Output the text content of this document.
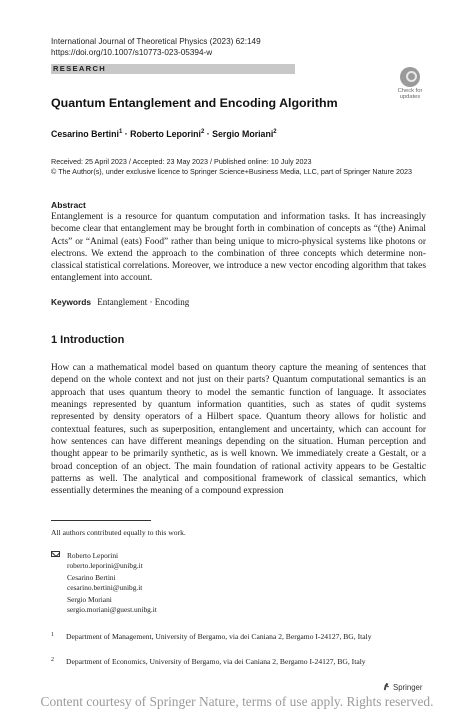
International Journal of Theoretical Physics (2023) 62:149
https://doi.org/10.1007/s10773-023-05394-w
RESEARCH
Check for
updates
Quantum Entanglement and Encoding Algorithm
Cesarino Bertini$^1$ · Roberto Leporini$^2$ · Sergio Moriani$^2$
Received: 25 April 2023 / Accepted: 23 May 2023 / Published online: 10 July 2023
© The Author(s), under exclusive licence to Springer Science+Business Media, LLC, part of Springer Nature 2023
Abstract
Entanglement is a resource for quantum computation and information tasks. It has increasingly become clear that entanglement may be brought forth in combination of concepts as “(the) Animal Acts” or “Animal (eats) Food” rather than being unique to micro-physical systems like photons or electrons. We extend the approach to the combination of three concepts which determine non-classical statistical correlations. Moreover, we introduce a new vector encoding algorithm that takes entanglement into account.
Keywords Entanglement · Encoding
1 Introduction
How can a mathematical model based on quantum theory capture the meaning of sentences that depend on the whole context and not just on their parts? Quantum computational semantics is an approach that uses quantum theory to model the semantic function of language. It associates meanings represented by quantum information quantities, such as states of qudit systems represented by density operators of a Hilbert space. Quantum theory allows for holistic and contextual features, such as superposition, entanglement and uncertainty, which can account for how sentences can have different meanings depending on the situation. Human perception and thought appear to be primarily synthetic, as is well known. We immediately create a Gestalt, or a broad conception of an object. The main foundation of rational activity appears to be Gestaltic patterns as well. The analytical and compositional framework of classical semantics, which essentially determines the meaning of a compound expression
All authors contributed equally to this work.
Roberto Leporini
roberto.leporini@unibg.it
Cesarino Bertini
cesarino.bertini@unibg.it
Sergio Moriani
sergio.moriani@guest.unibg.it
1 Department of Management, University of Bergamo, via dei Caniana 2, Bergamo I-24127, BG, Italy
2 Department of Economics, University of Bergamo, via dei Caniana 2, Bergamo I-24127, BG, Italy
Springer
Content courtesy of Springer Nature, terms of use apply. Rights reserved.
